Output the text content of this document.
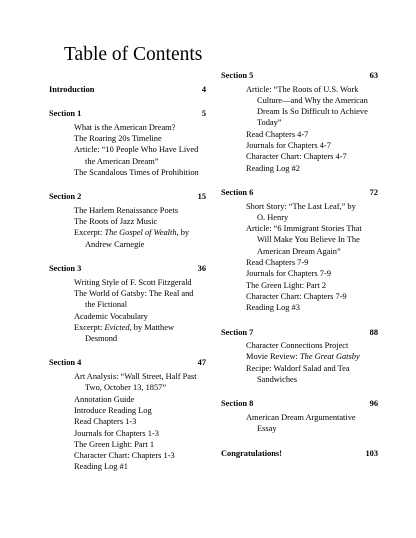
Table of Contents
Introduction	4
Section 1	5
What is the American Dream?
The Roaring 20s Timeline
Article: “10 People Who Have Lived
the American Dream”
The Scandalous Times of Prohibition
Section 2	15
The Harlem Renaissance Poets
The Roots of Jazz Music
Excerpt: The Gospel of Wealth, by
Andrew Carnegie
Section 3	36
Writing Style of F. Scott Fitzgerald
The World of Gatsby: The Real and
the Fictional
Academic Vocabulary
Excerpt: Evicted, by Matthew
Desmond
Section 4	47
Art Analysis: “Wall Street, Half Past
Two, October 13, 1857”
Annotation Guide
Introduce Reading Log
Read Chapters 1-3
Journals for Chapters 1-3
The Green Light: Part 1
Character Chart: Chapters 1-3
Reading Log #1
Section 5	63
Article: “The Roots of U.S. Work
Culture—and Why the American
Dream Is So Difficult to Achieve
Today”
Read Chapters 4-7
Journals for Chapters 4-7
Character Chart: Chapters 4-7
Reading Log #2
Section 6	72
Short Story: “The Last Leaf,” by
O. Henry
Article: “6 Immigrant Stories That
Will Make You Believe In The
American Dream Again”
Read Chapters 7-9
Journals for Chapters 7-9
The Green Light: Part 2
Character Chart: Chapters 7-9
Reading Log #3
Section 7	88
Character Connections Project
Movie Review: The Great Gatsby
Recipe: Waldorf Salad and Tea
Sandwiches
Section 8	96
American Dream Argumentative
Essay
Congratulations!	103
